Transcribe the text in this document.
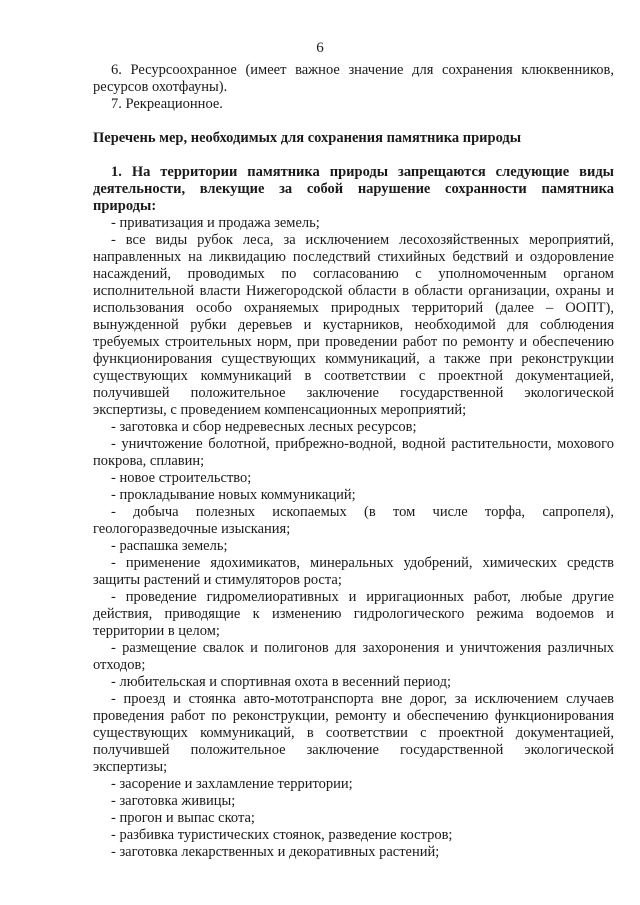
6

6. Ресурсоохранное (имеет важное значение для сохранения клюквенников, ресурсов охотфауны).

7. Рекреационное.

Перечень мер, необходимых для сохранения памятника природы

1. На территории памятника природы запрещаются следующие виды деятельности, влекущие за собой нарушение сохранности памятника природы:

- приватизация и продажа земель;

- все виды рубок леса, за исключением лесохозяйственных мероприятий, направленных на ликвидацию последствий стихийных бедствий и оздоровление насаждений, проводимых по согласованию с уполномоченным органом исполнительной власти Нижегородской области в области организации, охраны и использования особо охраняемых природных территорий (далее – ООПТ), вынужденной рубки деревьев и кустарников, необходимой для соблюдения требуемых строительных норм, при проведении работ по ремонту и обеспечению функционирования существующих коммуникаций, а также при реконструкции существующих коммуникаций в соответствии с проектной документацией, получившей положительное заключение государственной экологической экспертизы, с проведением компенсационных мероприятий;

- заготовка и сбор недревесных лесных ресурсов;

- уничтожение болотной, прибрежно-водной, водной растительности, мохового покрова, сплавин;

- новое строительство;

- прокладывание новых коммуникаций;

- добыча полезных ископаемых (в том числе торфа, сапропеля), геологоразведочные изыскания;

- распашка земель;

- применение ядохимикатов, минеральных удобрений, химических средств защиты растений и стимуляторов роста;

- проведение гидромелиоративных и ирригационных работ, любые другие действия, приводящие к изменению гидрологического режима водоемов и территории в целом;

- размещение свалок и полигонов для захоронения и уничтожения различных отходов;

- любительская и спортивная охота в весенний период;

- проезд и стоянка авто-мототранспорта вне дорог, за исключением случаев проведения работ по реконструкции, ремонту и обеспечению функционирования существующих коммуникаций, в соответствии с проектной документацией, получившей положительное заключение государственной экологической экспертизы;

- засорение и захламление территории;

- заготовка живицы;

- прогон и выпас скота;

- разбивка туристических стоянок, разведение костров;

- заготовка лекарственных и декоративных растений;
